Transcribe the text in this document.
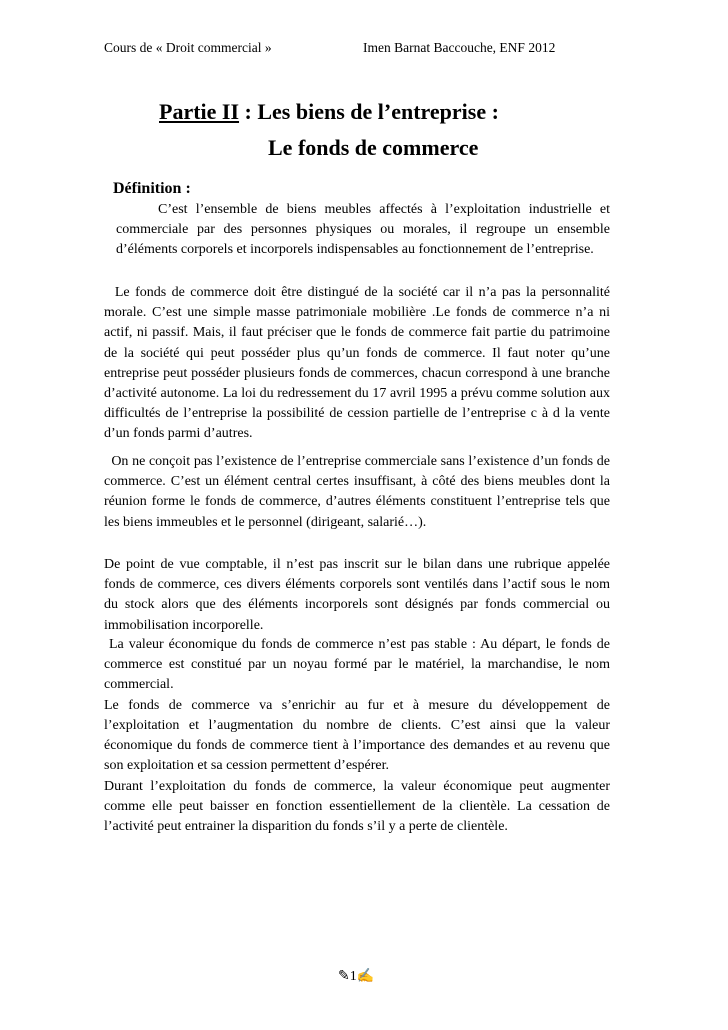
Cours de « Droit commercial »	Imen Barnat Baccouche, ENF 2012
Partie II : Les biens de l’entreprise :
Le fonds de commerce
Définition :

C’est l’ensemble de biens meubles affectés à l’exploitation industrielle et commerciale par des personnes physiques ou morales, il regroupe un ensemble d’éléments corporels et incorporels indispensables au fonctionnement de l’entreprise.

Le fonds de commerce doit être distingué de la société car il n’a pas la personnalité morale. C’est une simple masse patrimoniale mobilière .Le fonds de commerce n’a ni actif, ni passif. Mais, il faut préciser que le fonds de commerce fait partie du patrimoine de la société qui peut posséder plus qu’un fonds de commerce. Il faut noter qu’une entreprise peut posséder plusieurs fonds de commerces, chacun correspond à une branche d’activité autonome. La loi du redressement du 17 avril 1995 a prévu comme solution aux difficultés de l’entreprise la possibilité de cession partielle de l’entreprise c à d la vente d’un fonds parmi d’autres.

On ne conçoit pas l’existence de l’entreprise commerciale sans l’existence d’un fonds de commerce. C’est un élément central certes insuffisant, à côté des biens meubles dont la réunion forme le fonds de commerce, d’autres éléments constituent l’entreprise tels que les biens immeubles et le personnel (dirigeant, salarié…).

De point de vue comptable, il n’est pas inscrit sur le bilan dans une rubrique appelée fonds de commerce, ces divers éléments corporels sont ventilés dans l’actif sous le nom du stock alors que des éléments incorporels sont désignés par fonds commercial ou immobilisation incorporelle.

La valeur économique du fonds de commerce n’est pas stable : Au départ, le fonds de commerce est constitué par un noyau formé par le matériel, la marchandise, le nom commercial.
Le fonds de commerce va s’enrichir au fur et à mesure du développement de l’exploitation et l’augmentation du nombre de clients. C’est ainsi que la valeur économique du fonds de commerce tient à l’importance des demandes et au revenu que son exploitation et sa cession permettent d’espérer.

Durant l’exploitation du fonds de commerce, la valeur économique peut augmenter comme elle peut baisser en fonction essentiellement de la clientèle. La cessation de l’activité peut entrainer la disparition du fonds s’il y a perte de clientèle.

✎1✍
